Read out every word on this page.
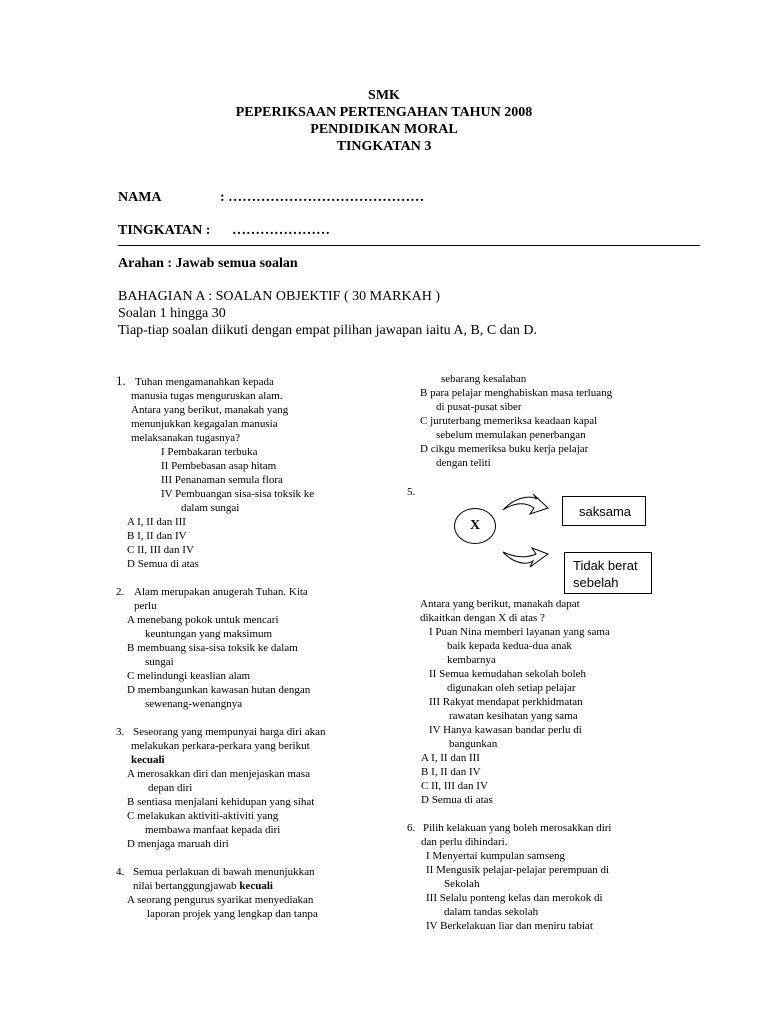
SMK
PEPERIKSAAN PERTENGAHAN TAHUN 2008
PENDIDIKAN MORAL
TINGKATAN 3
NAMA	: ……………………………………
TINGKATAN : …………………
Arahan : Jawab semua soalan
BAHAGIAN A : SOALAN OBJEKTIF ( 30 MARKAH )
Soalan 1 hingga 30
Tiap-tiap soalan diikuti dengan empat pilihan jawapan iaitu A, B, C dan D.
1. Tuhan mengamanahkan kepada
manusia tugas menguruskan alam.
Antara yang berikut, manakah yang
menunjukkan kegagalan manusia
melaksanakan tugasnya?
I Pembakaran terbuka
II Pembebasan asap hitam
III Penanaman semula flora
IV Pembuangan sisa-sisa toksik ke
dalam sungai
A I, II dan III
B I, II dan IV
C II, III dan IV
D Semua di atas
2. Alam merupakan anugerah Tuhan. Kita
perlu
A menebang pokok untuk mencari
keuntungan yang maksimum
B membuang sisa-sisa toksik ke dalam
sungai
C melindungi keaslian alam
D membangunkan kawasan hutan dengan
sewenang-wenangnya
3. Seseorang yang mempunyai harga diri akan
melakukan perkara-perkara yang berikut
kecuali
A merosakkan diri dan menjejaskan masa
depan diri
B sentiasa menjalani kehidupan yang sihat
C melakukan aktiviti-aktiviti yang
membawa manfaat kepada diri
D menjaga maruah diri
4. Semua perlakuan di bawah menunjukkan
nilai bertanggungjawab kecuali
A seorang pengurus syarikat menyediakan
laporan projek yang lengkap dan tanpa
sebarang kesalahan
B para pelajar menghabiskan masa terluang
di pusat-pusat siber
C juruterbang memeriksa keadaan kapal
sebelum memulakan penerbangan
D cikgu memeriksa buku kerja pelajar
dengan teliti
5.
X
saksama
Tidak berat
sebelah
Antara yang berikut, manakah dapat
dikaitkan dengan X di atas ?
I Puan Nina memberi layanan yang sama
baik kepada kedua-dua anak
kembarnya
II Semua kemudahan sekolah boleh
digunakan oleh setiap pelajar
III Rakyat mendapat perkhidmatan
rawatan kesihatan yang sama
IV Hanya kawasan bandar perlu di
bangunkan
A I, II dan III
B I, II dan IV
C II, III dan IV
D Semua di atas
6. Pilih kelakuan yang boleh merosakkan diri
dan perlu dihindari.
I Menyertai kumpulan samseng
II Mengusik pelajar-pelajar perempuan di
Sekolah
III Selalu ponteng kelas dan merokok di
dalam tandas sekolah
IV Berkelakuan liar dan meniru tabiat
